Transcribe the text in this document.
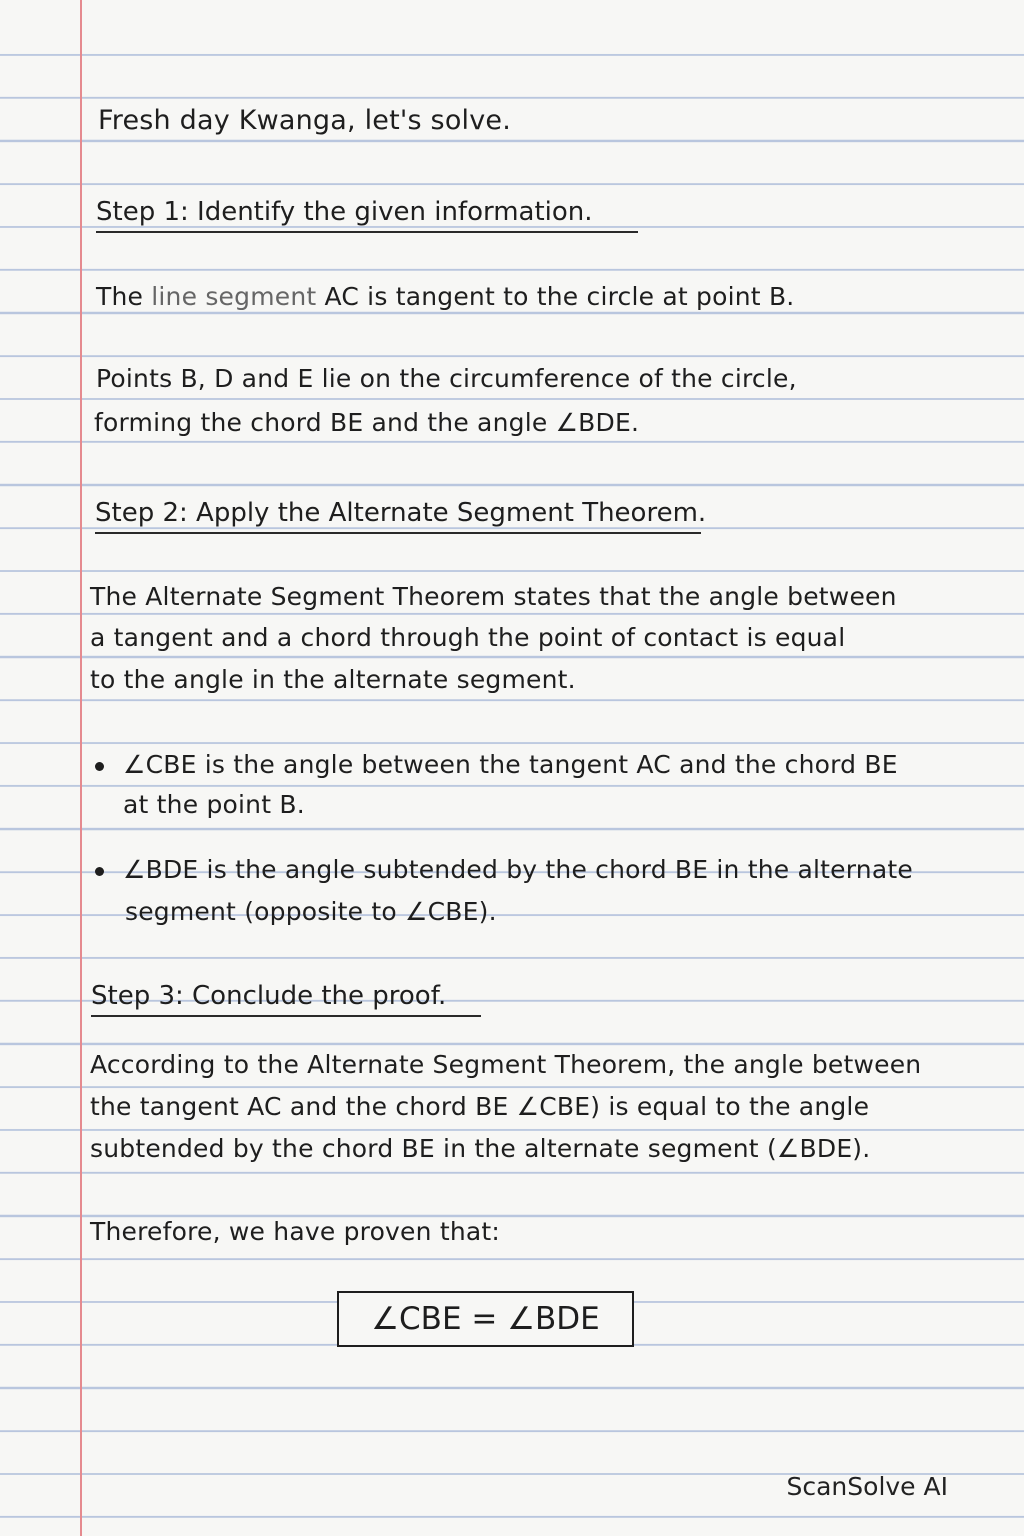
Fresh day Kwanga, let's solve.
Step 1: Identify the given information.
The line segment AC is tangent to the circle at point B.
Points B, D and E lie on the circumference of the circle,
forming the chord BE and the angle ∠BDE.
Step 2: Apply the Alternate Segment Theorem.
The Alternate Segment Theorem states that the angle between
a tangent and a chord through the point of contact is equal
to the angle in the alternate segment.
∠CBE is the angle between the tangent AC and the chord BE
at the point B.
∠BDE is the angle subtended by the chord BE in the alternate
segment (opposite to ∠CBE).
Step 3: Conclude the proof.
According to the Alternate Segment Theorem, the angle between
the tangent AC and the chord BE ∠CBE) is equal to the angle
subtended by the chord BE in the alternate segment (∠BDE).
Therefore, we have proven that:
∠CBE = ∠BDE
ScanSolve AI
